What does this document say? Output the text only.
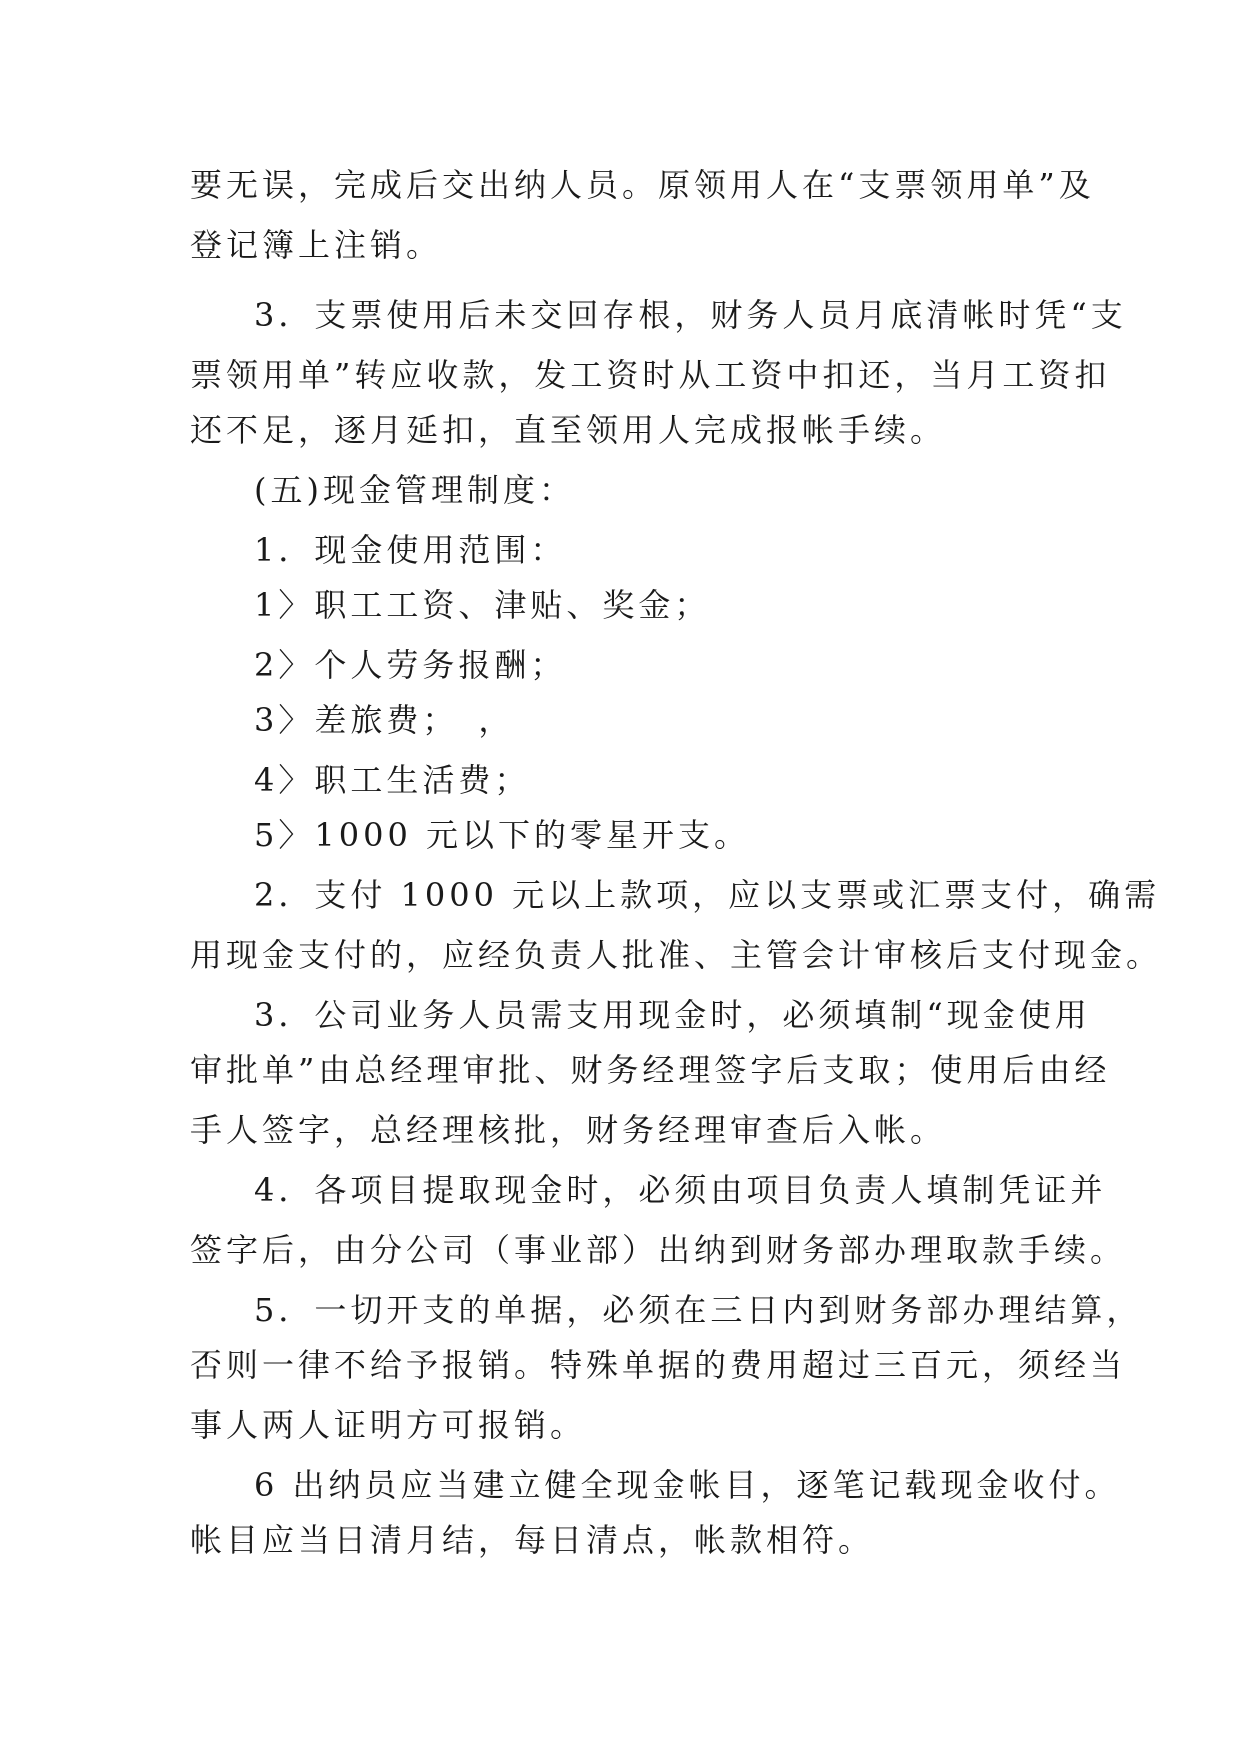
要无误，完成后交出纳人员。原领用人在“支票领用单”及
登记簿上注销。
3．支票使用后未交回存根，财务人员月底清帐时凭“支
票领用单”转应收款，发工资时从工资中扣还，当月工资扣
还不足，逐月延扣，直至领用人完成报帐手续。
(五)现金管理制度：
1．现金使用范围：
1〉职工工资、津贴、奖金；
2〉个人劳务报酬；
3〉差旅费；　，
4〉职工生活费；
5〉1000 元以下的零星开支。
2．支付 1000 元以上款项，应以支票或汇票支付，确需
用现金支付的，应经负责人批准、主管会计审核后支付现金。
3．公司业务人员需支用现金时，必须填制“现金使用
审批单”由总经理审批、财务经理签字后支取；使用后由经
手人签字，总经理核批，财务经理审查后入帐。
4．各项目提取现金时，必须由项目负责人填制凭证并
签字后，由分公司（事业部）出纳到财务部办理取款手续。
5．一切开支的单据，必须在三日内到财务部办理结算，
否则一律不给予报销。特殊单据的费用超过三百元，须经当
事人两人证明方可报销。
6 出纳员应当建立健全现金帐目，逐笔记载现金收付。
帐目应当日清月结，每日清点，帐款相符。
